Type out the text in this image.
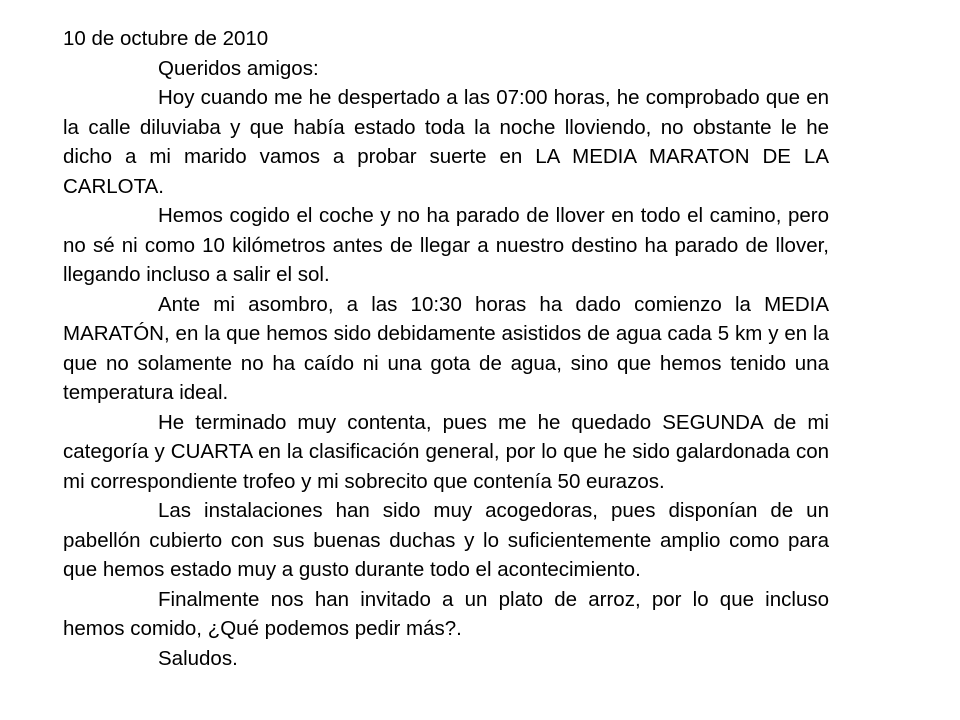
10 de octubre de 2010
Queridos amigos:

Hoy cuando me he despertado a las 07:00 horas, he comprobado que en la calle diluviaba y que había estado toda la noche lloviendo, no obstante le he dicho a mi marido vamos a probar suerte en LA MEDIA MARATON DE LA CARLOTA.

Hemos cogido el coche y no ha parado de llover en todo el camino, pero no sé ni como 10 kilómetros antes de llegar a nuestro destino ha parado de llover, llegando incluso a salir el sol.

Ante mi asombro, a las 10:30 horas ha dado comienzo la MEDIA MARATÓN, en la que hemos sido debidamente asistidos de agua cada 5 km y en la que no solamente no ha caído ni una gota de agua, sino que hemos tenido una temperatura ideal.

He terminado muy contenta, pues me he quedado SEGUNDA de mi categoría y CUARTA en la clasificación general, por lo que he sido galardonada con mi correspondiente trofeo y mi sobrecito que contenía 50 eurazos.

Las instalaciones han sido muy acogedoras, pues disponían de un pabellón cubierto con sus buenas duchas y lo suficientemente amplio como para que hemos estado muy a gusto durante todo el acontecimiento.

Finalmente nos han invitado a un plato de arroz, por lo que incluso hemos comido, ¿Qué podemos pedir más?.

Saludos.
